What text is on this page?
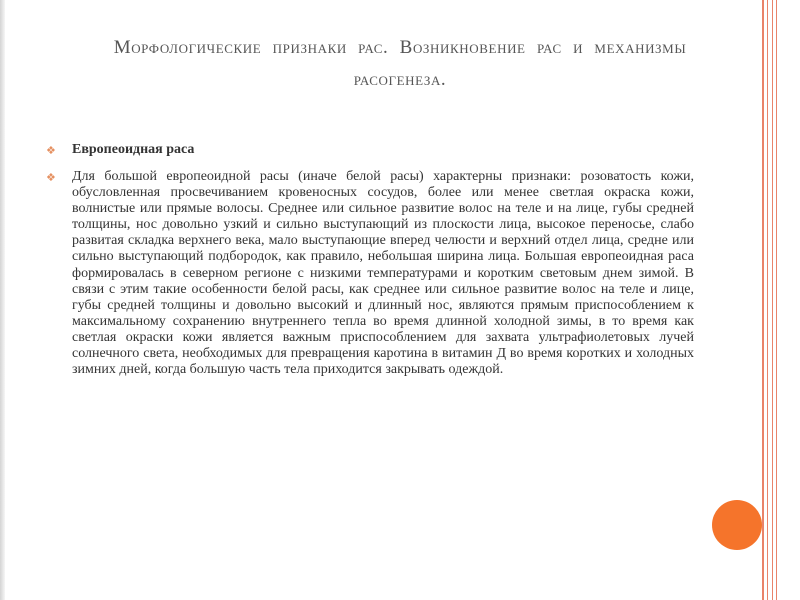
Морфологические признаки рас. Возникновение рас и механизмы расогенеза.
❖ Европеоидная раса
❖ Для большой европеоидной расы (иначе белой расы) характерны признаки: розоватость кожи, обусловленная просвечиванием кровеносных сосудов, более или менее светлая окраска кожи, волнистые или прямые волосы. Среднее или сильное развитие волос на теле и на лице, губы средней толщины, нос довольно узкий и сильно выступающий из плоскости лица, высокое переносье, слабо развитая складка верхнего века, мало выступающие вперед челюсти и верхний отдел лица, средне или сильно выступающий подбородок, как правило, небольшая ширина лица. Большая европеоидная раса формировалась в северном регионе с низкими температурами и коротким световым днем зимой. В связи с этим такие особенности белой расы, как среднее или сильное развитие волос на теле и лице, губы средней толщины и довольно высокий и длинный нос, являются прямым приспособлением к максимальному сохранению внутреннего тепла во время длинной холодной зимы, в то время как светлая окраски кожи является важным приспособлением для захвата ультрафиолетовых лучей солнечного света, необходимых для превращения каротина в витамин Д во время коротких и холодных зимних дней, когда большую часть тела приходится закрывать одеждой.
